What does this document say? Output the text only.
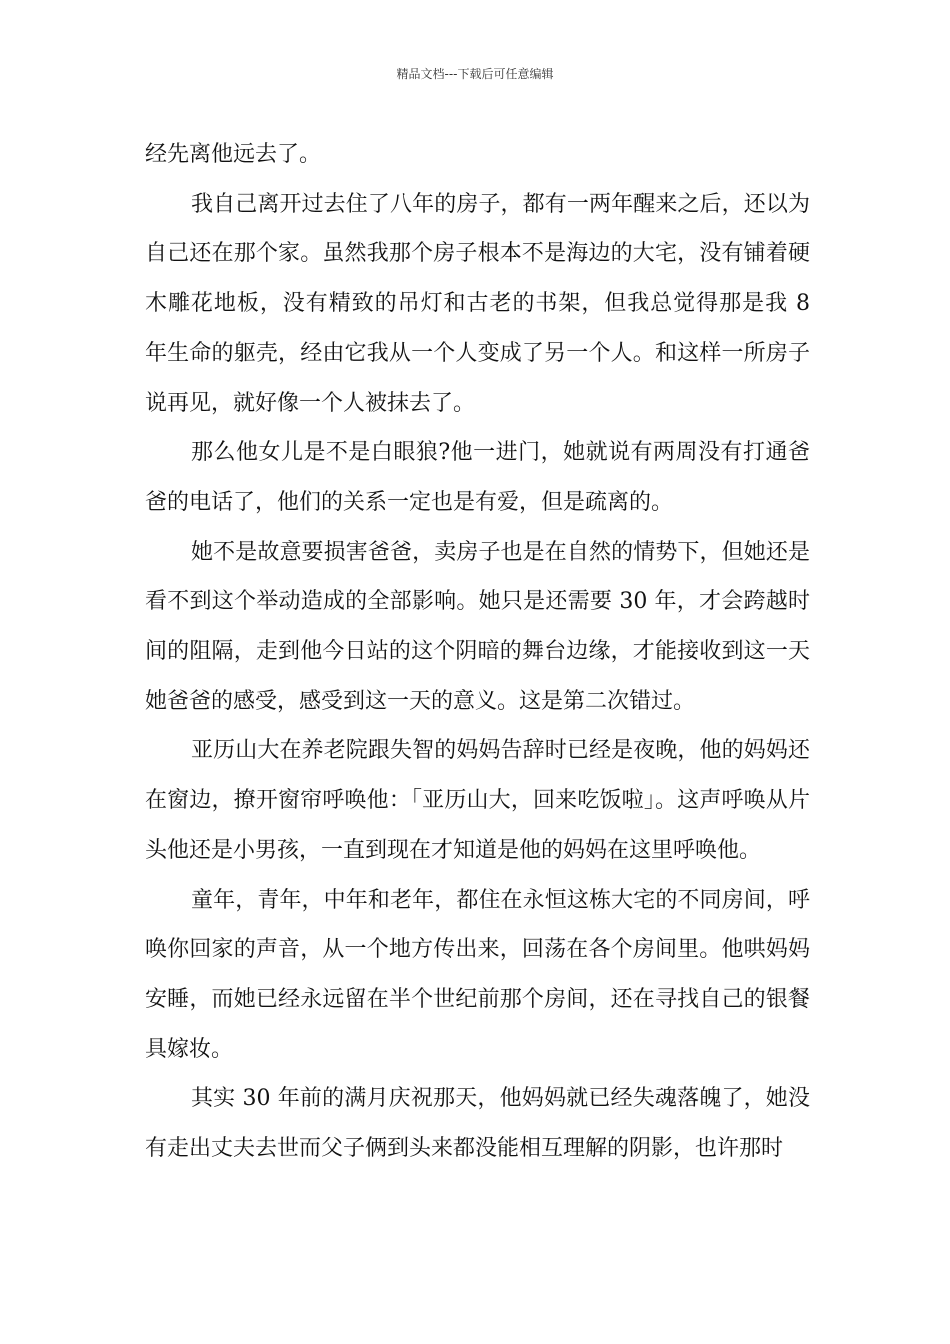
精品文档---下载后可任意编辑

经先离他远去了。

我自己离开过去住了八年的房子，都有一两年醒来之后，还以为自己还在那个家。虽然我那个房子根本不是海边的大宅，没有铺着硬木雕花地板，没有精致的吊灯和古老的书架，但我总觉得那是我 8 年生命的躯壳，经由它我从一个人变成了另一个人。和这样一所房子说再见，就好像一个人被抹去了。

那么他女儿是不是白眼狼?他一进门，她就说有两周没有打通爸爸的电话了，他们的关系一定也是有爱，但是疏离的。

她不是故意要损害爸爸，卖房子也是在自然的情势下，但她还是看不到这个举动造成的全部影响。她只是还需要 30 年，才会跨越时间的阻隔，走到他今日站的这个阴暗的舞台边缘，才能接收到这一天她爸爸的感受，感受到这一天的意义。这是第二次错过。

亚历山大在养老院跟失智的妈妈告辞时已经是夜晚，他的妈妈还在窗边，撩开窗帘呼唤他：「亚历山大，回来吃饭啦」。这声呼唤从片头他还是小男孩，一直到现在才知道是他的妈妈在这里呼唤他。

童年，青年，中年和老年，都住在永恒这栋大宅的不同房间，呼唤你回家的声音，从一个地方传出来，回荡在各个房间里。他哄妈妈安睡，而她已经永远留在半个世纪前那个房间，还在寻找自己的银餐具嫁妆。

其实 30 年前的满月庆祝那天，他妈妈就已经失魂落魄了，她没有走出丈夫去世而父子俩到头来都没能相互理解的阴影，也许那时
